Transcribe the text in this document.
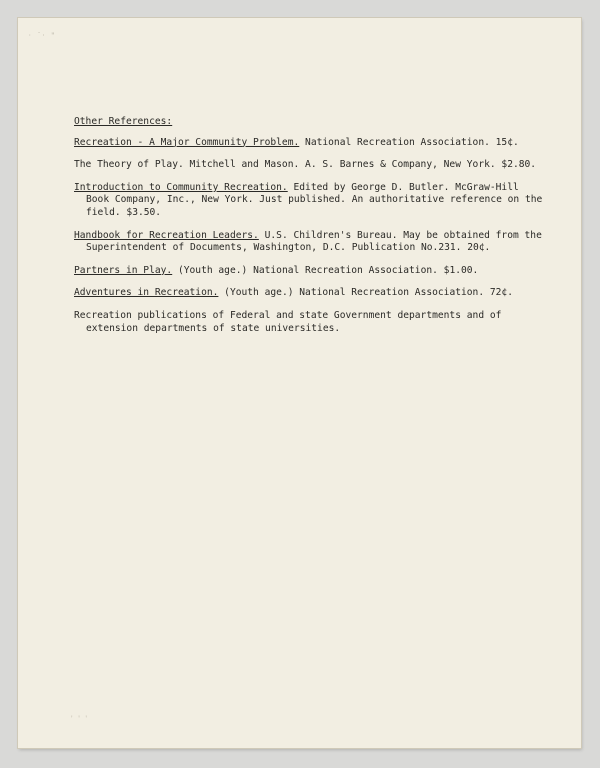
· ˉ· "
Other References:
Recreation - A Major Community Problem. National Recreation Association. 15¢.
The Theory of Play. Mitchell and Mason. A. S. Barnes & Company, New York. $2.80.
Introduction to Community Recreation. Edited by George D. Butler. McGraw-Hill Book Company, Inc., New York. Just published. An authoritative reference on the field. $3.50.
Handbook for Recreation Leaders. U.S. Children's Bureau. May be obtained from the Superintendent of Documents, Washington, D.C. Publication No.231. 20¢.
Partners in Play. (Youth age.) National Recreation Association. $1.00.
Adventures in Recreation. (Youth age.) National Recreation Association. 72¢.
Recreation publications of Federal and state Government departments and of extension departments of state universities.
' ' '
